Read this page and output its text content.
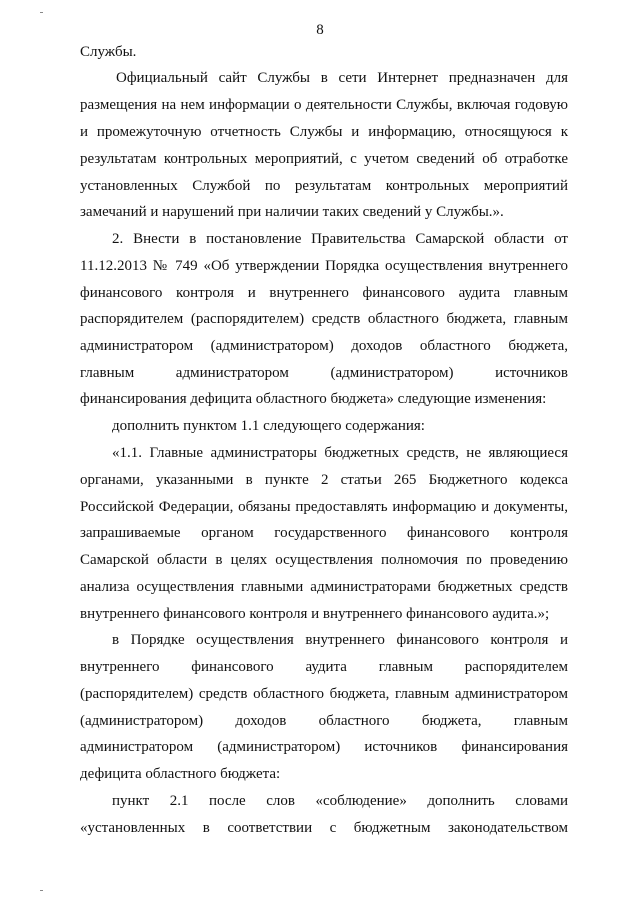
8
Службы.
Официальный сайт Службы в сети Интернет предназначен для
размещения на нем информации о деятельности Службы, включая годовую
и промежуточную отчетность Службы и информацию, относящуюся к
результатам контрольных мероприятий, с учетом сведений об отработке
установленных Службой по результатам контрольных мероприятий
замечаний и нарушений при наличии таких сведений у Службы.».
2. Внести в постановление Правительства Самарской области от
11.12.2013 № 749 «Об утверждении Порядка осуществления внутреннего
финансового контроля и внутреннего финансового аудита главным
распорядителем (распорядителем) средств областного бюджета, главным
администратором (администратором) доходов областного бюджета,
главным администратором (администратором) источников
финансирования дефицита областного бюджета» следующие изменения:
дополнить пунктом 1.1 следующего содержания:
«1.1. Главные администраторы бюджетных средств, не являющиеся
органами, указанными в пункте 2 статьи 265 Бюджетного кодекса
Российской Федерации, обязаны предоставлять информацию и документы,
запрашиваемые органом государственного финансового контроля
Самарской области в целях осуществления полномочия по проведению
анализа осуществления главными администраторами бюджетных средств
внутреннего финансового контроля и внутреннего финансового аудита.»;
в Порядке осуществления внутреннего финансового контроля и
внутреннего финансового аудита главным распорядителем
(распорядителем) средств областного бюджета, главным администратором
(администратором) доходов областного бюджета, главным
администратором (администратором) источников финансирования
дефицита областного бюджета:
пункт 2.1 после слов «соблюдение» дополнить словами
«установленных в соответствии с бюджетным законодательством
